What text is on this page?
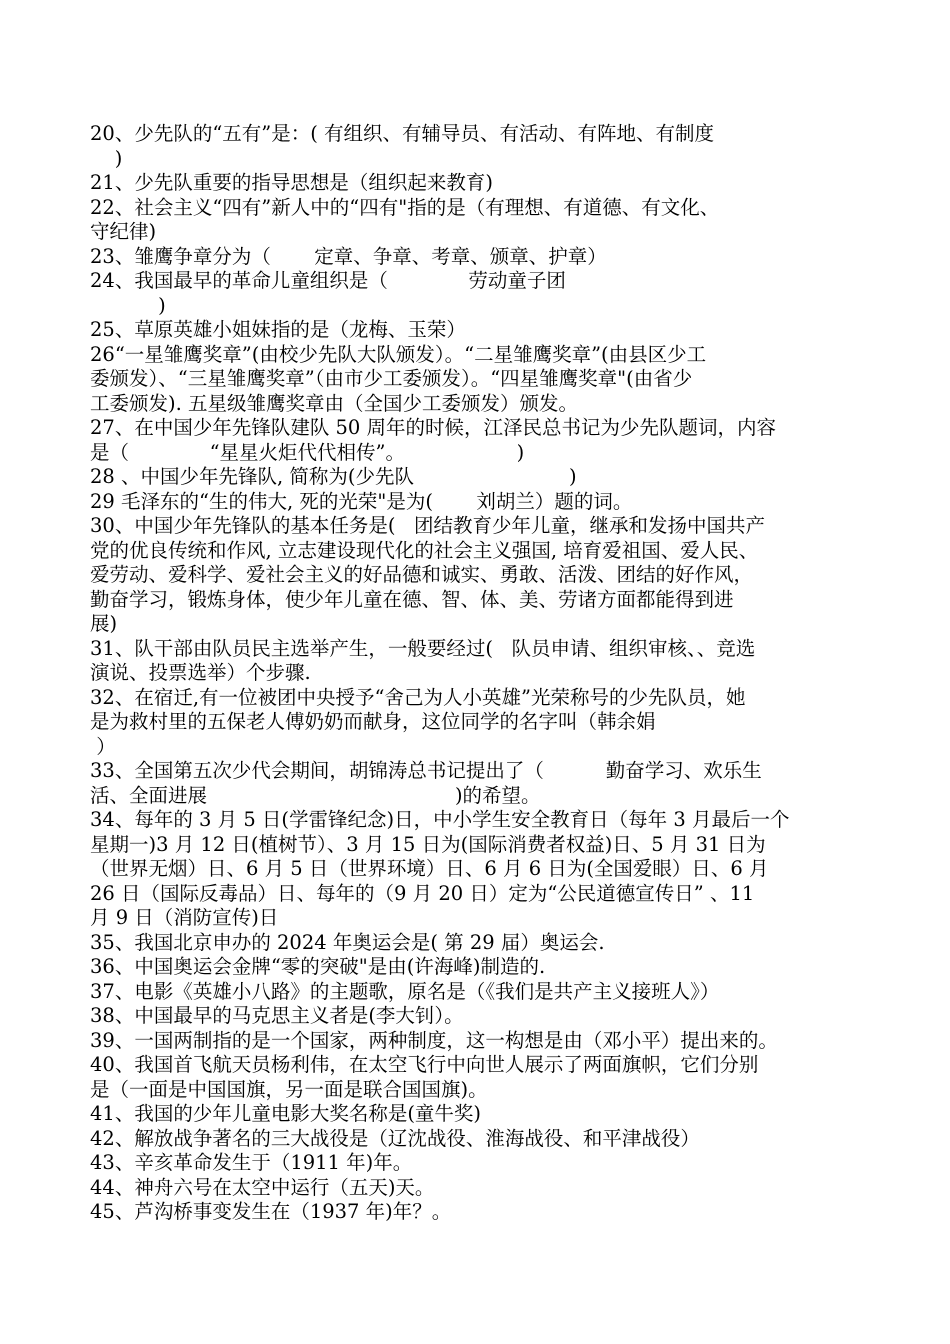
20、少先队的“五有”是：( 有组织、有辅导员、有活动、有阵地、有制度
)
21、少先队重要的指导思想是（组织起来教育)
22、社会主义“四有”新人中的“四有"指的是（有理想、有道德、有文化、
守纪律)
23、雏鹰争章分为（       定章、争章、考章、颁章、护章）
24、我国最早的革命儿童组织是（             劳动童子团
)
25、草原英雄小姐妹指的是（龙梅、玉荣）
26“一星雏鹰奖章”(由校少先队大队颁发）。“二星雏鹰奖章”(由县区少工
委颁发）、“三星雏鹰奖章”（由市少工委颁发）。“四星雏鹰奖章"(由省少
工委颁发). 五星级雏鹰奖章由（全国少工委颁发）颁发。
27、在中国少年先锋队建队 50 周年的时候，江泽民总书记为少先队题词，内容
是（             “星星火炬代代相传”。                  )
28 、中国少年先锋队, 简称为(少先队                         )
29 毛泽东的“生的伟大, 死的光荣"是为(       刘胡兰）题的词。
30、中国少年先锋队的基本任务是(   团结教育少年儿童，继承和发扬中国共产
党的优良传统和作风, 立志建设现代化的社会主义强国, 培育爱祖国、爱人民、
爱劳动、爱科学、爱社会主义的好品德和诚实、勇敢、活泼、团结的好作风，
勤奋学习，锻炼身体，使少年儿童在德、智、体、美、劳诸方面都能得到进
展)
31、队干部由队员民主选举产生，一般要经过(   队员申请、组织审核、、竞选
演说、投票选举）个步骤.
32、在宿迁,有一位被团中央授予“舍己为人小英雄”光荣称号的少先队员，她
是为救村里的五保老人傅奶奶而献身，这位同学的名字叫（韩余娟
）
33、全国第五次少代会期间，胡锦涛总书记提出了（          勤奋学习、欢乐生
活、全面进展                                        )的希望。
34、每年的 3 月 5 日(学雷锋纪念)日，中小学生安全教育日（每年 3 月最后一个
星期一)3 月 12 日(植树节）、3 月 15 日为(国际消费者权益)日、5 月 31 日为
（世界无烟）日、6 月 5 日（世界环境）日、6 月 6 日为(全国爱眼）日、6 月
26 日（国际反毒品）日、每年的（9 月 20 日）定为“公民道德宣传日” 、11
月 9 日（消防宣传)日
35、我国北京申办的 2024 年奥运会是( 第 29 届）奥运会.
36、中国奥运会金牌“零的突破"是由(许海峰)制造的.
37、电影《英雄小八路》的主题歌，原名是（《我们是共产主义接班人》）
38、中国最早的马克思主义者是(李大钊）。
39、一国两制指的是一个国家，两种制度，这一构想是由（邓小平）提出来的。
40、我国首飞航天员杨利伟，在太空飞行中向世人展示了两面旗帜，它们分别
是（一面是中国国旗，另一面是联合国国旗)。
41、我国的少年儿童电影大奖名称是(童牛奖)
42、解放战争著名的三大战役是（辽沈战役、淮海战役、和平津战役）
43、辛亥革命发生于（1911 年)年。
44、神舟六号在太空中运行（五天)天。
45、芦沟桥事变发生在（1937 年)年？。
